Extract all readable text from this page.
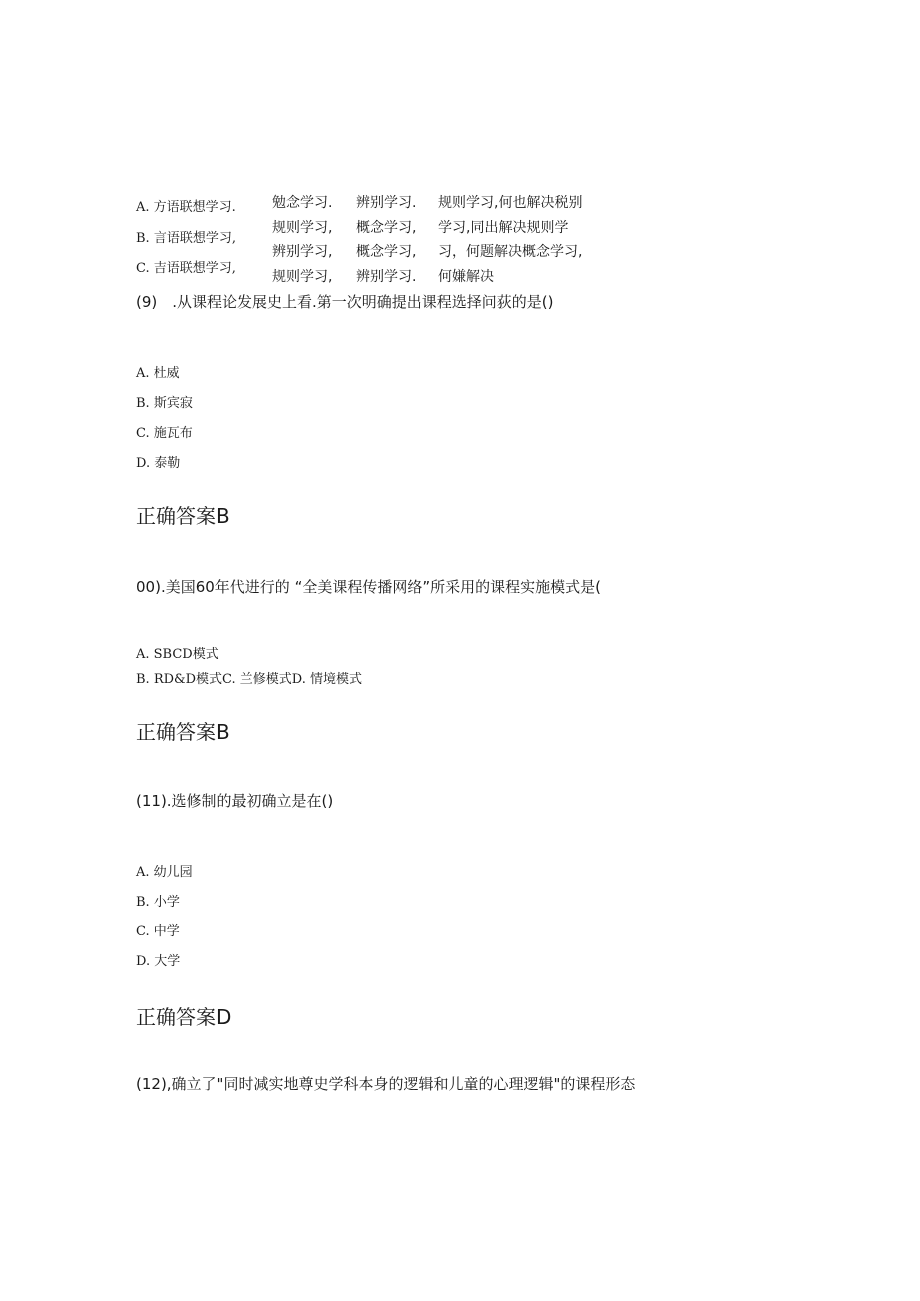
A. 方语联想学习.
B. 言语联想学习,
C. 吉语联想学习,
勉念学习.
规则学习,
辨别学习,
规则学习,
辨别学习.
概念学习,
概念学习,
辨别学习.
规则学习,何也解决税别
学习,同出解决规则学
习，何题解决概念学习,
何嫌解决
(9)　.从课程论发展史上看.第一次明确提出课程选择问荻的是()
A. 杜威
B. 斯宾寂
C. 施瓦布
D. 泰勒
正确答案B
00).美国60年代进行的 “全美课程传播网络”所采用的课程实施模式是(
A. SBCD模式
B. RD&D模式C. 兰修模式D. 情境模式
正确答案B
(11).选修制的最初确立是在()
A. 幼儿园
B. 小学
C. 中学
D. 大学
正确答案D
(12),确立了"同时减实地尊史学科本身的逻辑和儿童的心理逻辑"的课程形态
